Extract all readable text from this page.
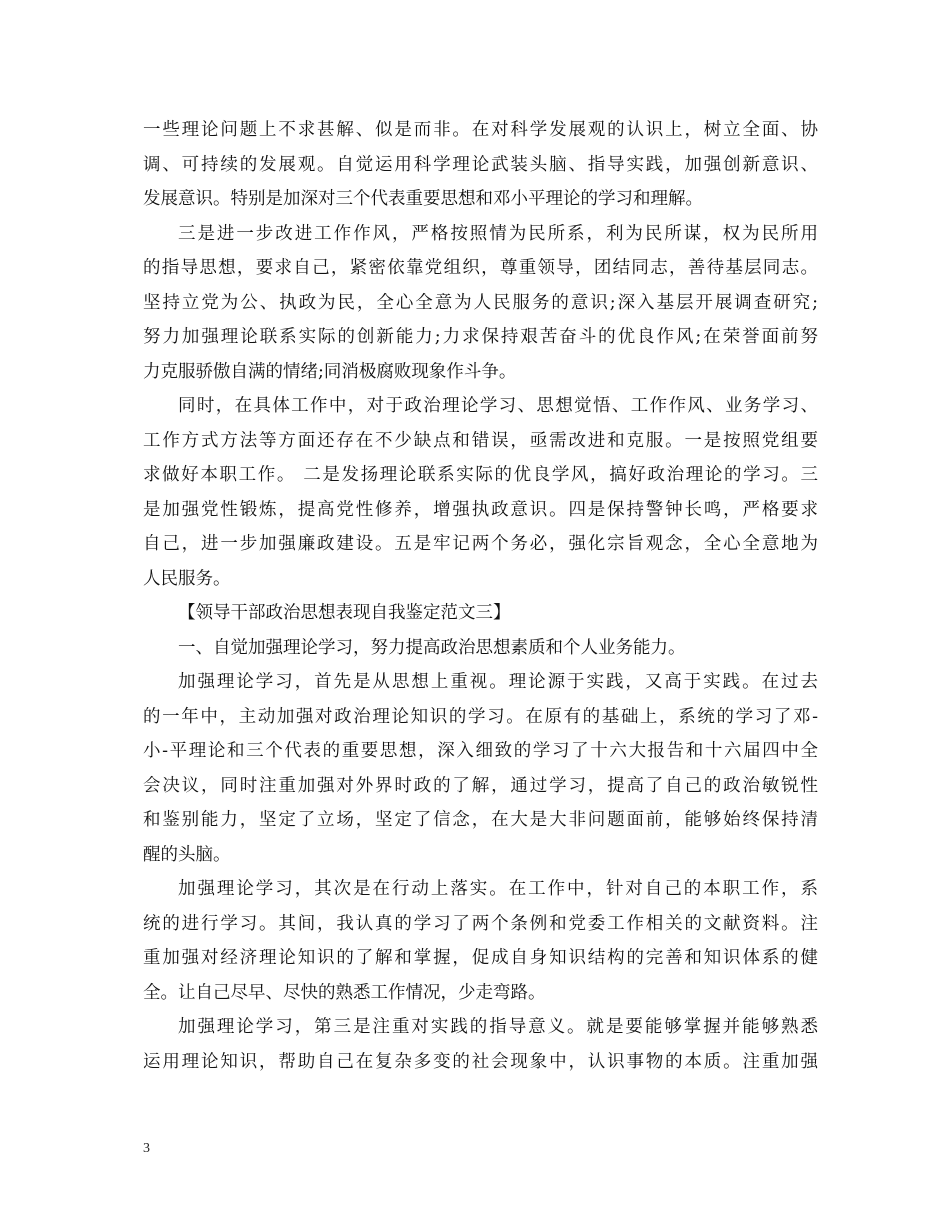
一些理论问题上不求甚解、似是而非。在对科学发展观的认识上，树立全面、协
调、可持续的发展观。自觉运用科学理论武装头脑、指导实践，加强创新意识、
发展意识。特别是加深对三个代表重要思想和邓小平理论的学习和理解。
三是进一步改进工作作风，严格按照情为民所系，利为民所谋，权为民所用
的指导思想，要求自己，紧密依靠党组织，尊重领导，团结同志，善待基层同志。
坚持立党为公、执政为民，全心全意为人民服务的意识;深入基层开展调查研究;
努力加强理论联系实际的创新能力;力求保持艰苦奋斗的优良作风;在荣誉面前努
力克服骄傲自满的情绪;同消极腐败现象作斗争。
同时，在具体工作中，对于政治理论学习、思想觉悟、工作作风、业务学习、
工作方式方法等方面还存在不少缺点和错误，亟需改进和克服。一是按照党组要
求做好本职工作。 二是发扬理论联系实际的优良学风，搞好政治理论的学习。三
是加强党性锻炼，提高党性修养，增强执政意识。四是保持警钟长鸣，严格要求
自己，进一步加强廉政建设。五是牢记两个务必，强化宗旨观念，全心全意地为
人民服务。
【领导干部政治思想表现自我鉴定范文三】
一、自觉加强理论学习，努力提高政治思想素质和个人业务能力。
加强理论学习，首先是从思想上重视。理论源于实践，又高于实践。在过去
的一年中，主动加强对政治理论知识的学习。在原有的基础上，系统的学习了邓-
小-平理论和三个代表的重要思想，深入细致的学习了十六大报告和十六届四中全
会决议，同时注重加强对外界时政的了解，通过学习，提高了自己的政治敏锐性
和鉴别能力，坚定了立场，坚定了信念，在大是大非问题面前，能够始终保持清
醒的头脑。
加强理论学习，其次是在行动上落实。在工作中，针对自己的本职工作，系
统的进行学习。其间，我认真的学习了两个条例和党委工作相关的文献资料。注
重加强对经济理论知识的了解和掌握，促成自身知识结构的完善和知识体系的健
全。让自己尽早、尽快的熟悉工作情况，少走弯路。
加强理论学习，第三是注重对实践的指导意义。就是要能够掌握并能够熟悉
运用理论知识，帮助自己在复杂多变的社会现象中，认识事物的本质。注重加强
3
